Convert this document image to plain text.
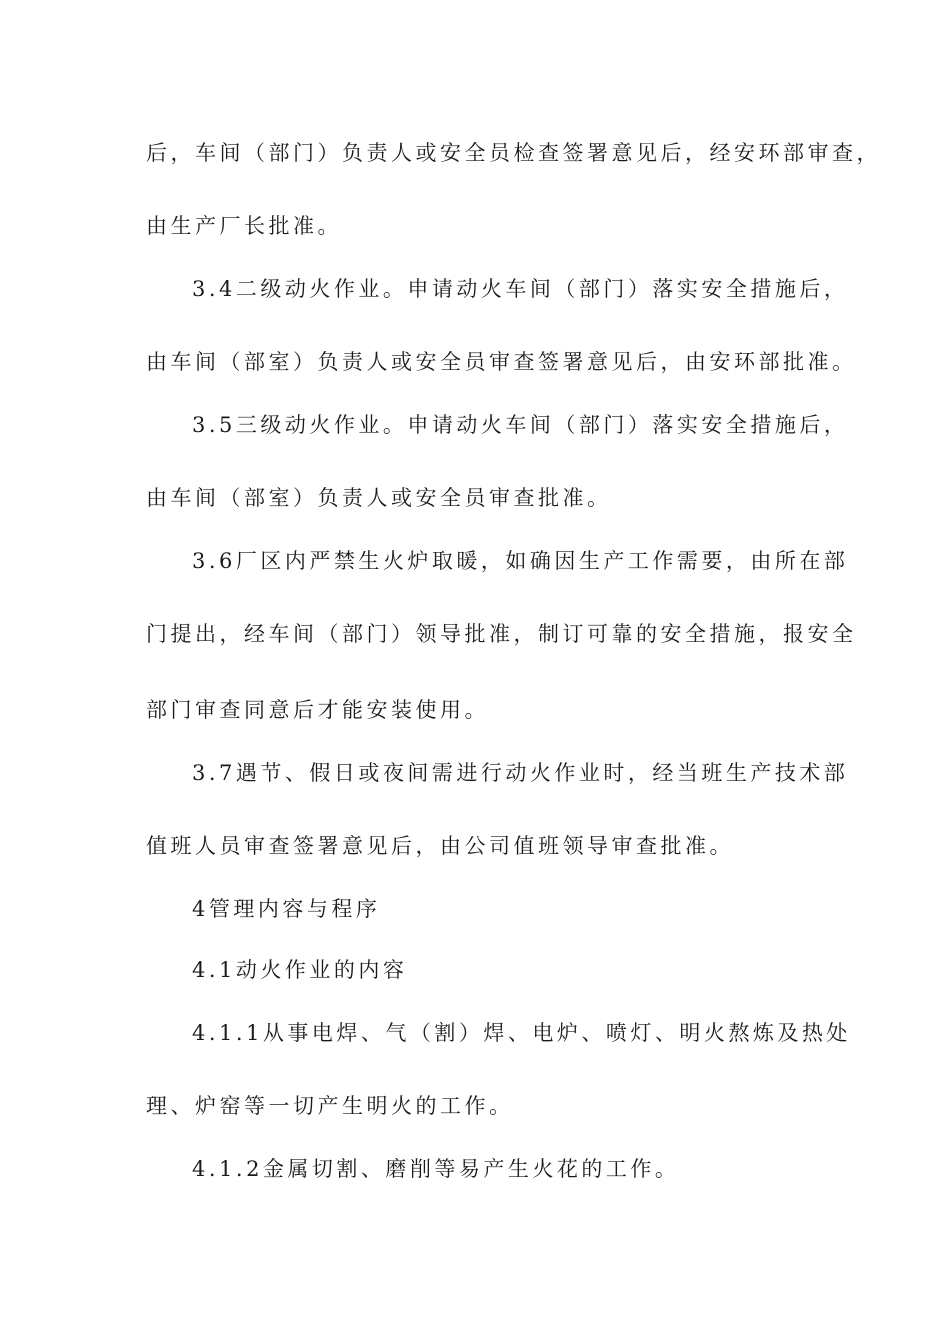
后，车间（部门）负责人或安全员检查签署意见后，经安环部审查，
由生产厂长批准。
3.4二级动火作业。申请动火车间（部门）落实安全措施后，
由车间（部室）负责人或安全员审查签署意见后，由安环部批准。
3.5三级动火作业。申请动火车间（部门）落实安全措施后，
由车间（部室）负责人或安全员审查批准。
3.6厂区内严禁生火炉取暖，如确因生产工作需要，由所在部
门提出，经车间（部门）领导批准，制订可靠的安全措施，报安全
部门审查同意后才能安装使用。
3.7遇节、假日或夜间需进行动火作业时，经当班生产技术部
值班人员审查签署意见后，由公司值班领导审查批准。
4管理内容与程序
4.1动火作业的内容
4.1.1从事电焊、气（割）焊、电炉、喷灯、明火熬炼及热处
理、炉窑等一切产生明火的工作。
4.1.2金属切割、磨削等易产生火花的工作。
